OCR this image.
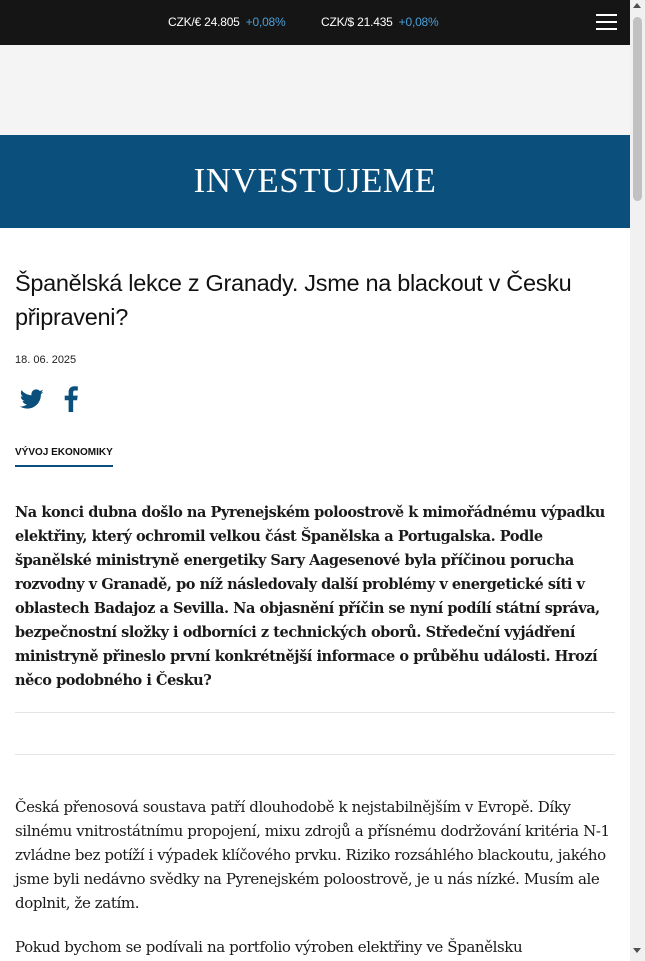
CZK/€ 24.805 +0,08%	CZK/$ 21.435 +0,08%
INVESTUJEME
Španělská lekce z Granady. Jsme na blackout v Česku připraveni?
18. 06. 2025
VÝVOJ EKONOMIKY

Na konci dubna došlo na Pyrenejském poloostrově k mimořádnému výpadku elektřiny, který ochromil velkou část Španělska a Portugalska. Podle španělské ministryně energetiky Sary Aagesenové byla příčinou porucha rozvodny v Granadě, po níž následovaly další problémy v energetické síti v oblastech Badajoz a Sevilla. Na objasnění příčin se nyní podílí státní správa, bezpečnostní složky i odborníci z technických oborů. Středeční vyjádření ministryně přineslo první konkrétnější informace o průběhu události. Hrozí něco podobného i Česku?

Česká přenosová soustava patří dlouhodobě k nejstabilnějším v Evropě. Díky silnému vnitrostátnímu propojení, mixu zdrojů a přísnému dodržování kritéria N-1 zvládne bez potíží i výpadek klíčového prvku. Riziko rozsáhlého blackoutu, jakého jsme byli nedávno svědky na Pyrenejském poloostrově, je u nás nízké. Musím ale doplnit, že zatím.

Pokud bychom se podívali na portfolio výroben elektřiny ve Španělsku
